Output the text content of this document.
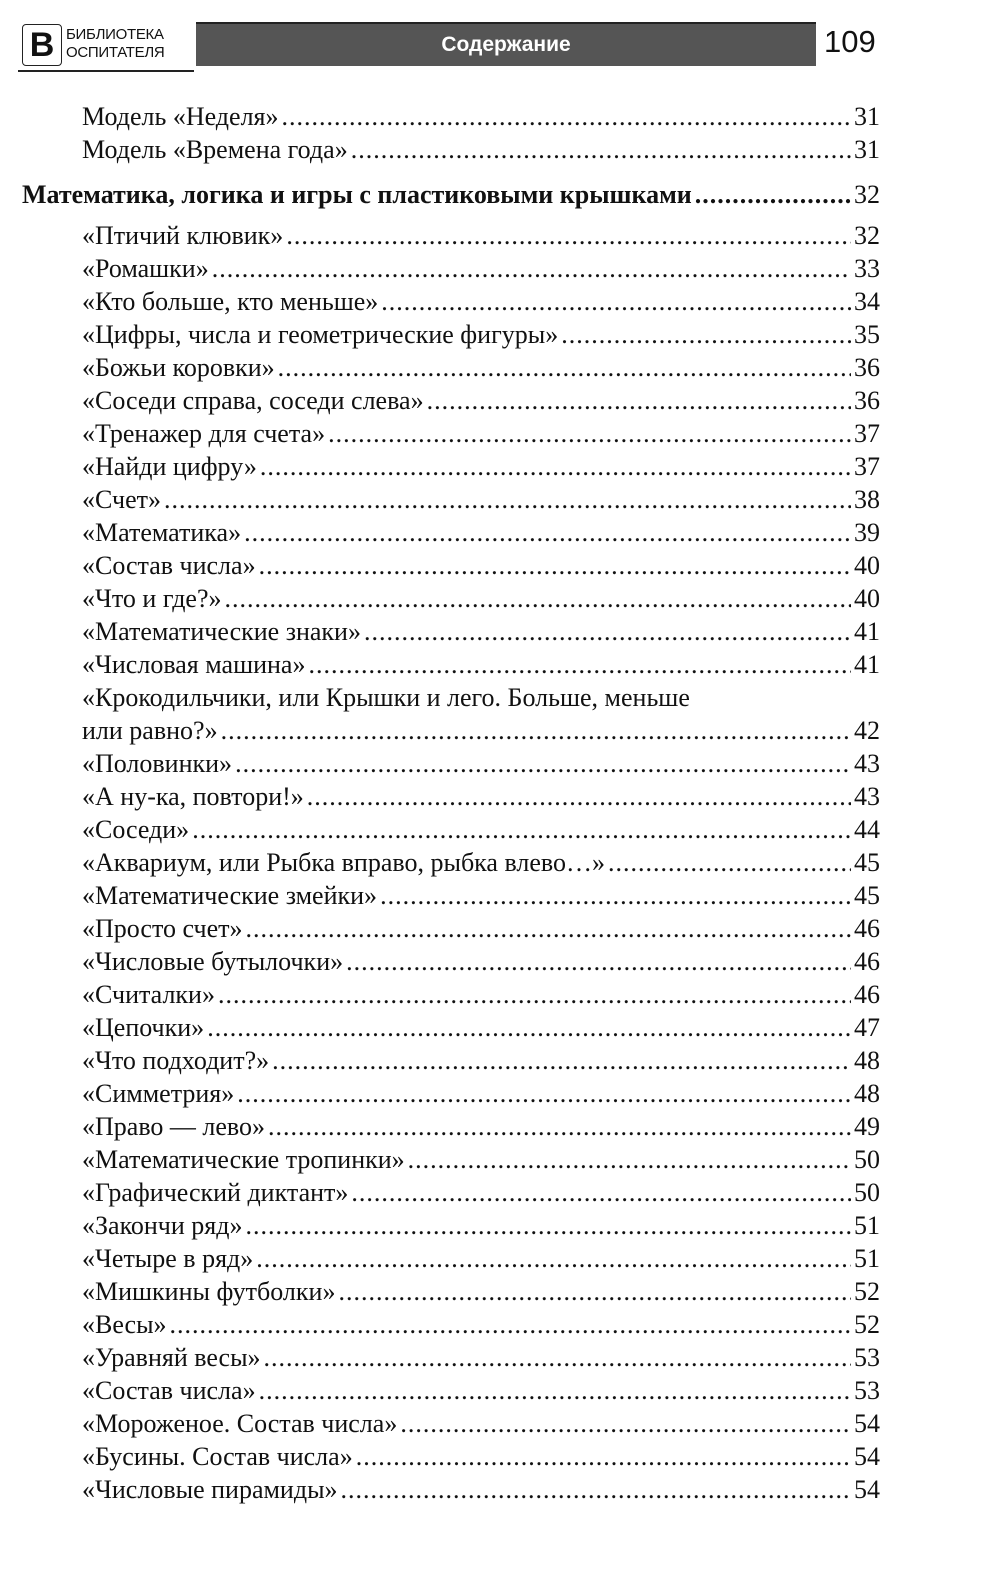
В БИБЛИОТЕКА
ОСПИТАТЕЛЯ	Содержание	109
Модель «Неделя» .....	31
Модель «Времена года» .....	31
Математика, логика и игры с пластиковыми крышками .....	32
«Птичий клювик» .....	32
«Ромашки» .....	33
«Кто больше, кто меньше» .....	34
«Цифры, числа и геометрические фигуры» .....	35
«Божьи коровки» .....	36
«Соседи справа, соседи слева» .....	36
«Тренажер для счета» .....	37
«Найди цифру» .....	37
«Счет» .....	38
«Математика» .....	39
«Состав числа» .....	40
«Что и где?» .....	40
«Математические знаки» .....	41
«Числовая машина» .....	41
«Крокодильчики, или Крышки и лего. Больше, меньше
или равно?» .....	42
«Половинки» .....	43
«А ну-ка, повтори!» .....	43
«Соседи» .....	44
«Аквариум, или Рыбка вправо, рыбка влево…» .....	45
«Математические змейки» .....	45
«Просто счет» .....	46
«Числовые бутылочки» .....	46
«Считалки» .....	46
«Цепочки» .....	47
«Что подходит?» .....	48
«Симметрия» .....	48
«Право — лево» .....	49
«Математические тропинки» .....	50
«Графический диктант» .....	50
«Закончи ряд» .....	51
«Четыре в ряд» .....	51
«Мишкины футболки» .....	52
«Весы» .....	52
«Уравняй весы» .....	53
«Состав числа» .....	53
«Мороженое. Состав числа» .....	54
«Бусины. Состав числа» .....	54
«Числовые пирамиды» .....	54
